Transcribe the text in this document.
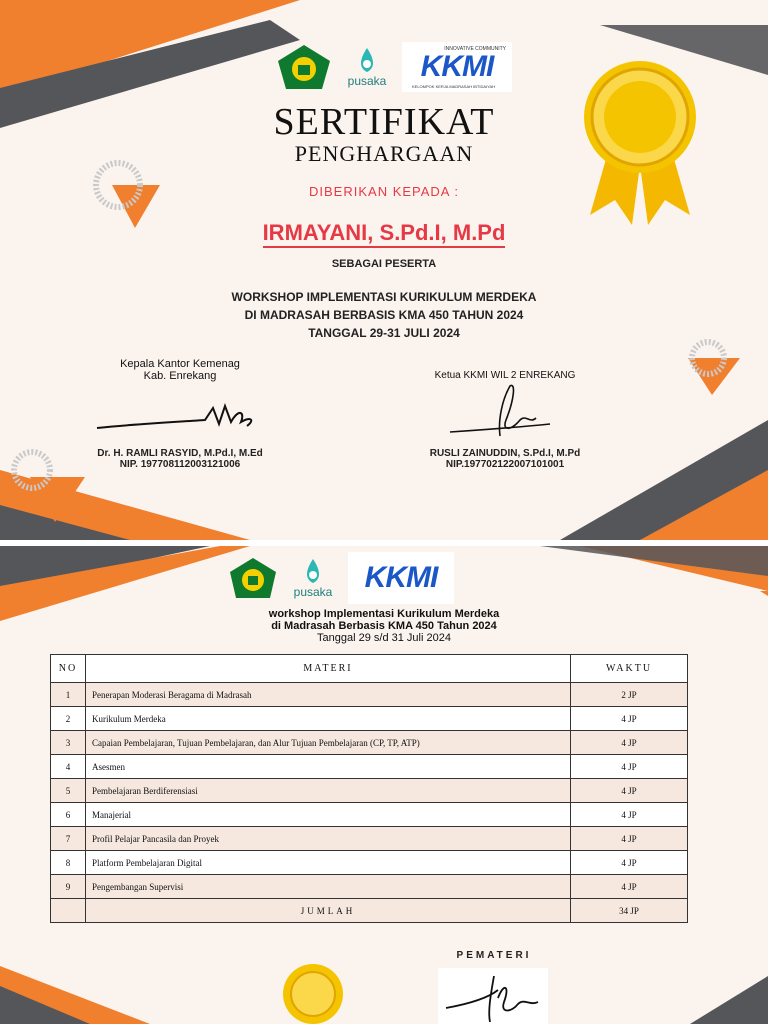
pusaka
INNOVATIVE COMMUNITY
KKMI
KELOMPOK KERJA MADRASAH IBTIDAIYAH
SERTIFIKAT
PENGHARGAAN
DIBERIKAN KEPADA :
IRMAYANI, S.Pd.I, M.Pd
SEBAGAI PESERTA
WORKSHOP IMPLEMENTASI KURIKULUM MERDEKA
DI MADRASAH BERBASIS KMA 450 TAHUN 2024
TANGGAL 29-31 JULI 2024
Kepala Kantor Kemenag
Kab. Enrekang
Dr. H. RAMLI RASYID, M.Pd.I, M.Ed
NIP. 197708112003121006
Ketua KKMI WIL 2 ENREKANG
RUSLI ZAINUDDIN, S.Pd.I, M.Pd
NIP.197702122007101001
pusaka KKMI
workshop Implementasi Kurikulum Merdeka
di Madrasah Berbasis KMA 450 Tahun 2024
Tanggal 29 s/d 31 Juli 2024
NO	MATERI	WAKTU
1	Penerapan Moderasi Beragama di Madrasah	2 JP
2	Kurikulum Merdeka	4 JP
3	Capaian Pembelajaran, Tujuan Pembelajaran, dan Alur Tujuan Pembelajaran (CP, TP, ATP)	4 JP
4	Asesmen	4 JP
5	Pembelajaran Berdiferensiasi	4 JP
6	Manajerial	4 JP
7	Profil Pelajar Pancasila dan Proyek	4 JP
8	Platform Pembelajaran Digital	4 JP
9	Pengembangan Supervisi	4 JP
	JUMLAH	34 JP
PEMATERI
